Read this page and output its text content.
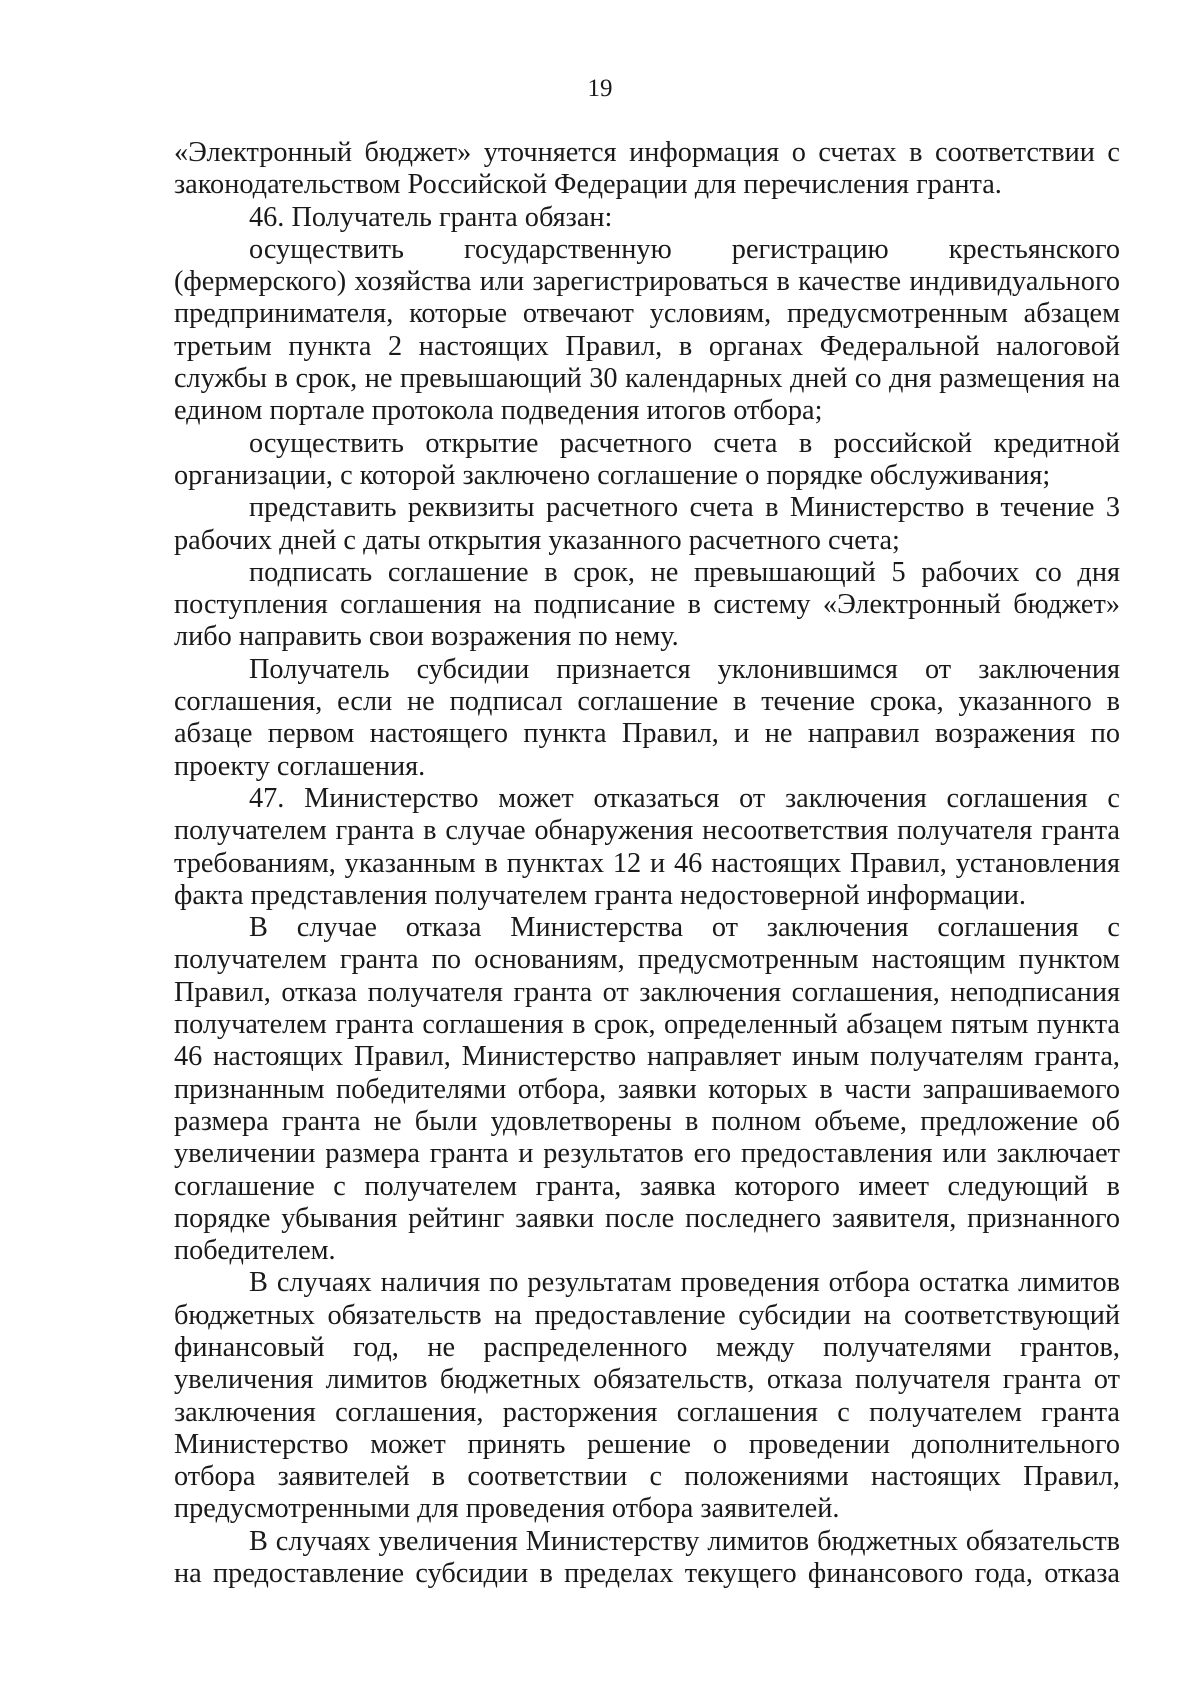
19

«Электронный бюджет» уточняется информация о счетах в соответствии с законодательством Российской Федерации для перечисления гранта.

46. Получатель гранта обязан:

осуществить государственную регистрацию крестьянского (фермерского) хозяйства или зарегистрироваться в качестве индивидуального предпринимателя, которые отвечают условиям, предусмотренным абзацем третьим пункта 2 настоящих Правил, в органах Федеральной налоговой службы в срок, не превышающий 30 календарных дней со дня размещения на едином портале протокола подведения итогов отбора;

осуществить открытие расчетного счета в российской кредитной организации, с которой заключено соглашение о порядке обслуживания;

представить реквизиты расчетного счета в Министерство в течение 3 рабочих дней с даты открытия указанного расчетного счета;

подписать соглашение в срок, не превышающий 5 рабочих со дня поступления соглашения на подписание в систему «Электронный бюджет» либо направить свои возражения по нему.

Получатель субсидии признается уклонившимся от заключения соглашения, если не подписал соглашение в течение срока, указанного в абзаце первом настоящего пункта Правил, и не направил возражения по проекту соглашения.

47. Министерство может отказаться от заключения соглашения с получателем гранта в случае обнаружения несоответствия получателя гранта требованиям, указанным в пунктах 12 и 46 настоящих Правил, установления факта представления получателем гранта недостоверной информации.

В случае отказа Министерства от заключения соглашения с получателем гранта по основаниям, предусмотренным настоящим пунктом Правил, отказа получателя гранта от заключения соглашения, неподписания получателем гранта соглашения в срок, определенный абзацем пятым пункта 46 настоящих Правил, Министерство направляет иным получателям гранта, признанным победителями отбора, заявки которых в части запрашиваемого размера гранта не были удовлетворены в полном объеме, предложение об увеличении размера гранта и результатов его предоставления или заключает соглашение с получателем гранта, заявка которого имеет следующий в порядке убывания рейтинг заявки после последнего заявителя, признанного победителем.

В случаях наличия по результатам проведения отбора остатка лимитов бюджетных обязательств на предоставление субсидии на соответствующий финансовый год, не распределенного между получателями грантов, увеличения лимитов бюджетных обязательств, отказа получателя гранта от заключения соглашения, расторжения соглашения с получателем гранта Министерство может принять решение о проведении дополнительного отбора заявителей в соответствии с положениями настоящих Правил, предусмотренными для проведения отбора заявителей.

В случаях увеличения Министерству лимитов бюджетных обязательств на предоставление субсидии в пределах текущего финансового года, отказа
